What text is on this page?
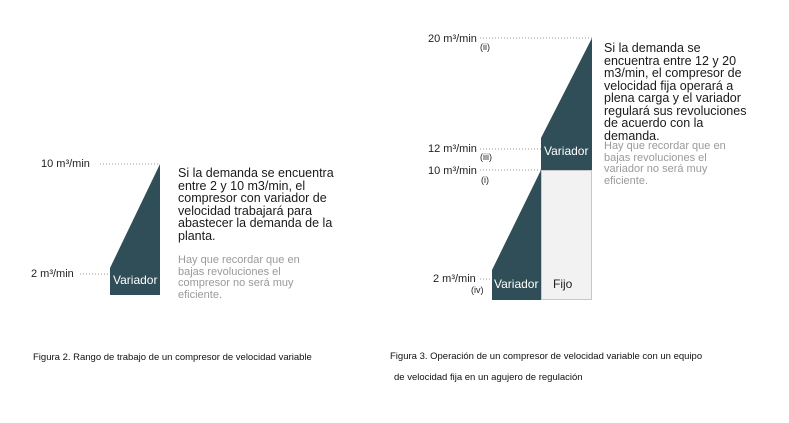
10 m³/min
2 m³/min	Variador
Si la demanda se encuentra entre 2 y 10 m3/min, el compresor con variador de velocidad trabajará para abastecer la demanda de la planta.
Hay que recordar que en bajas revoluciones el compresor no será muy eficiente.
Figura 2. Rango de trabajo de un compresor de velocidad variable
20 m³/min
(ii)
12 m³/min
(iii)
10 m³/min
(i)
2 m³/min
(iv)
Variador
Variador Fijo
Si la demanda se encuentra entre 12 y 20 m3/min, el compresor de velocidad fija operará a plena carga y el variador regulará sus revoluciones de acuerdo con la demanda.
Hay que recordar que en bajas revoluciones el variador no será muy eficiente.
Figura 3. Operación de un compresor de velocidad variable con un equipo
de velocidad fija en un agujero de regulación
